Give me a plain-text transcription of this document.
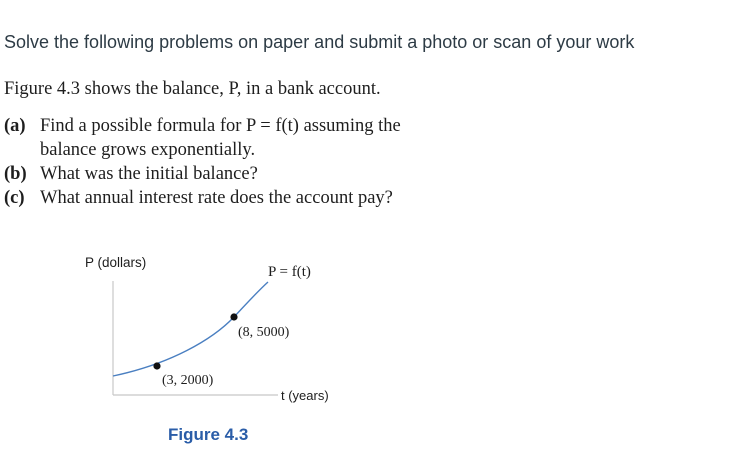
Solve the following problems on paper and submit a photo or scan of your work
Figure 4.3 shows the balance, P, in a bank account.
(a) Find a possible formula for P = f(t) assuming the
balance grows exponentially.
(b) What was the initial balance?
(c) What annual interest rate does the account pay?
P (dollars)
t (years)
P = f(t)
(8, 5000)
(3, 2000)
Figure 4.3
